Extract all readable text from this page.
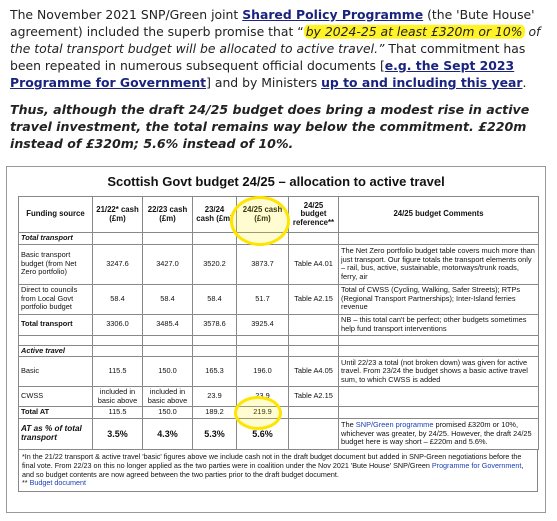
The November 2021 SNP/Green joint Shared Policy Programme (the 'Bute House' agreement) included the superb promise that “ by 2024-25 at least £320m or 10% of the total transport budget will be allocated to active travel.” That commitment has been repeated in numerous subsequent official documents [e.g. the Sept 2023 Programme for Government] and by Ministers up to and including this year.

Thus, although the draft 24/25 budget does bring a modest rise in active travel investment, the total remains way below the commitment. £220m instead of £320m; 5.6% instead of 10%.

Scottish Govt budget 24/25 – allocation to active travel
Funding source	21/22* cash (£m)	22/23 cash (£m)	23/24 cash (£m)	24/25 cash (£m)	24/25 budget reference**	24/25 budget Comments
Total transport						
Basic transport budget (from Net Zero portfolio)	3247.6	3427.0	3520.2	3873.7	Table A4.01	The Net Zero portfolio budget table covers much more than just transport. Our figure totals the transport elements only – rail, bus, active, sustainable, motorways/trunk roads, ferry, air
Direct to councils from Local Govt portfolio budget	58.4	58.4	58.4	51.7	Table A2.15	Total of CWSS (Cycling, Walking, Safer Streets); RTPs (Regional Transport Partnerships); Inter-Island ferries revenue
Total transport	3306.0	3485.4	3578.6	3925.4		NB – this total can't be perfect; other budgets sometimes help fund transport interventions

Active travel						
Basic	115.5	150.0	165.3	196.0	Table A4.05	Until 22/23 a total (not broken down) was given for active travel. From 23/24 the budget shows a basic active travel sum, to which CWSS is added
CWSS	included in basic above	included in basic above	23.9	23.9	Table A2.15	
Total AT	115.5	150.0	189.2	219.9		
AT as % of total transport	3.5%	4.3%	5.3%	5.6%		The SNP/Green programme promised £320m or 10%, whichever was greater, by 24/25. However, the draft 24/25 budget here is way short – £220m and 5.6%.
*In the 21/22 transport & active travel 'basic' figures above we include cash not in the draft budget document but added in SNP-Green negotiations before the final vote. From 22/23 on this no longer applied as the two parties were in coalition under the Nov 2021 'Bute House' SNP/Green Programme for Government, and so budget contents are now agreed between the two parties prior to the draft budget document.
** Budget document
